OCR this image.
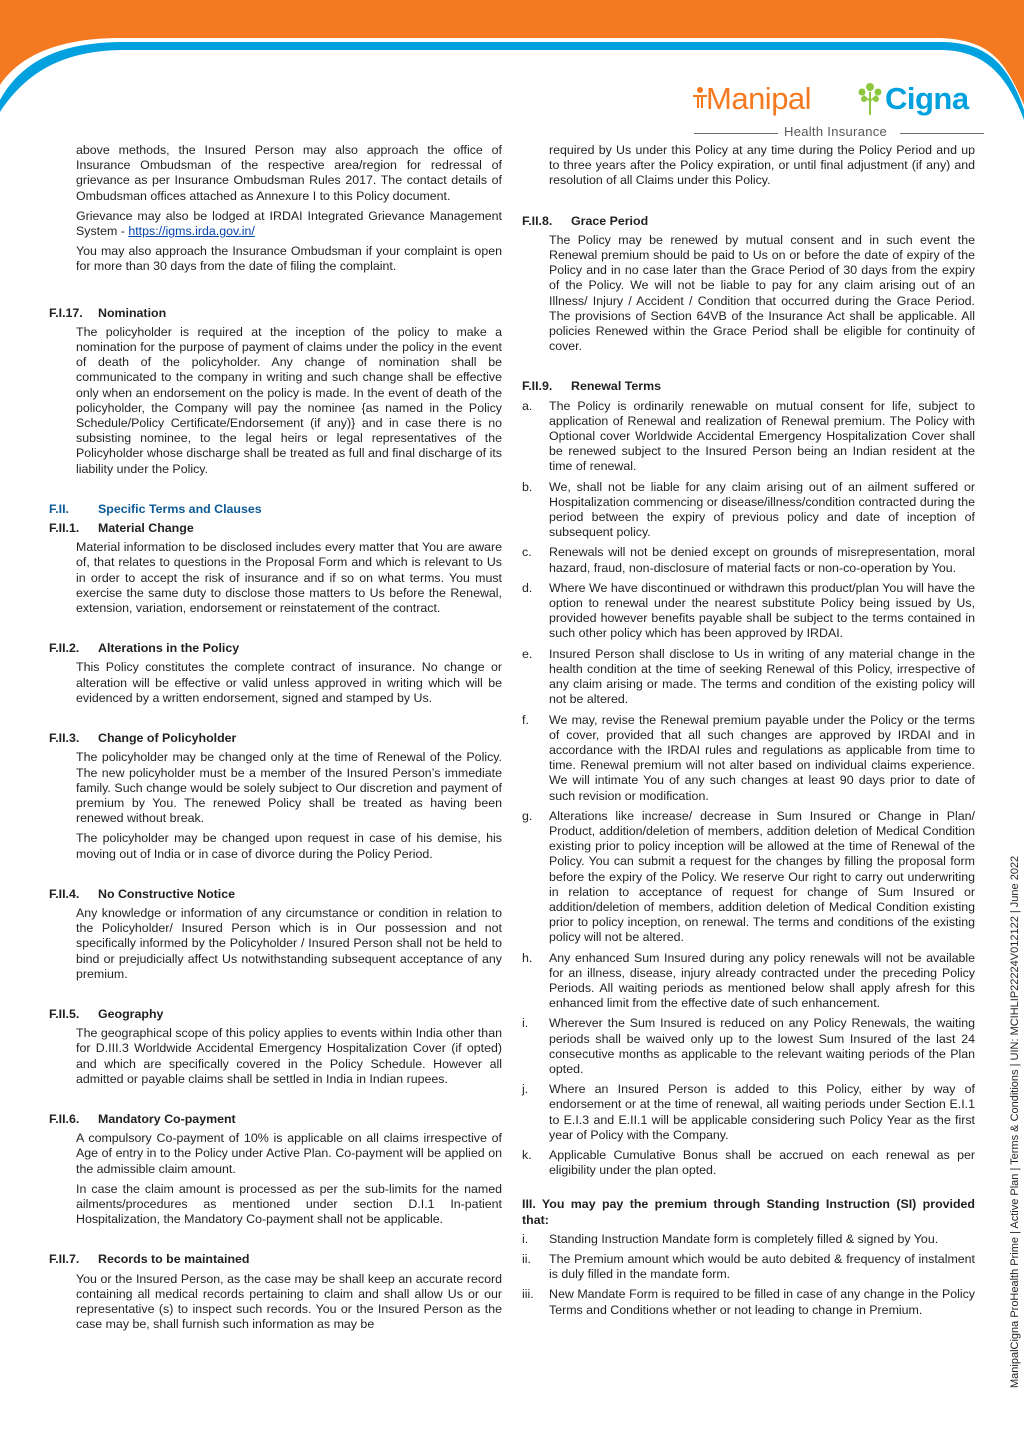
Manipal Cigna
Health Insurance

above methods, the Insured Person may also approach the office of Insurance Ombudsman of the respective area/region for redressal of grievance as per Insurance Ombudsman Rules 2017. The contact details of Ombudsman offices attached as Annexure I to this Policy document.

Grievance may also be lodged at IRDAI Integrated Grievance Management System - https://igms.irda.gov.in/

You may also approach the Insurance Ombudsman if your complaint is open for more than 30 days from the date of filing the complaint.

F.I.17. Nomination

The policyholder is required at the inception of the policy to make a nomination for the purpose of payment of claims under the policy in the event of death of the policyholder. Any change of nomination shall be communicated to the company in writing and such change shall be effective only when an endorsement on the policy is made. In the event of death of the policyholder, the Company will pay the nominee {as named in the Policy Schedule/Policy Certificate/Endorsement (if any)} and in case there is no subsisting nominee, to the legal heirs or legal representatives of the Policyholder whose discharge shall be treated as full and final discharge of its liability under the Policy.

F.II. Specific Terms and Clauses
F.II.1. Material Change

Material information to be disclosed includes every matter that You are aware of, that relates to questions in the Proposal Form and which is relevant to Us in order to accept the risk of insurance and if so on what terms. You must exercise the same duty to disclose those matters to Us before the Renewal, extension, variation, endorsement or reinstatement of the contract.

F.II.2. Alterations in the Policy

This Policy constitutes the complete contract of insurance. No change or alteration will be effective or valid unless approved in writing which will be evidenced by a written endorsement, signed and stamped by Us.

F.II.3. Change of Policyholder

The policyholder may be changed only at the time of Renewal of the Policy. The new policyholder must be a member of the Insured Person’s immediate family. Such change would be solely subject to Our discretion and payment of premium by You. The renewed Policy shall be treated as having been renewed without break.

The policyholder may be changed upon request in case of his demise, his moving out of India or in case of divorce during the Policy Period.

F.II.4. No Constructive Notice

Any knowledge or information of any circumstance or condition in relation to the Policyholder/ Insured Person which is in Our possession and not specifically informed by the Policyholder / Insured Person shall not be held to bind or prejudicially affect Us notwithstanding subsequent acceptance of any premium.

F.II.5. Geography

The geographical scope of this policy applies to events within India other than for D.III.3 Worldwide Accidental Emergency Hospitalization Cover (if opted) and which are specifically covered in the Policy Schedule. However all admitted or payable claims shall be settled in India in Indian rupees.

F.II.6. Mandatory Co-payment

A compulsory Co-payment of 10% is applicable on all claims irrespective of Age of entry in to the Policy under Active Plan. Co-payment will be applied on the admissible claim amount.

In case the claim amount is processed as per the sub-limits for the named ailments/procedures as mentioned under section D.I.1 In-patient Hospitalization, the Mandatory Co-payment shall not be applicable.

F.II.7. Records to be maintained

You or the Insured Person, as the case may be shall keep an accurate record containing all medical records pertaining to claim and shall allow Us or our representative (s) to inspect such records. You or the Insured Person as the case may be, shall furnish such information as may be

required by Us under this Policy at any time during the Policy Period and up to three years after the Policy expiration, or until final adjustment (if any) and resolution of all Claims under this Policy.

F.II.8. Grace Period

The Policy may be renewed by mutual consent and in such event the Renewal premium should be paid to Us on or before the date of expiry of the Policy and in no case later than the Grace Period of 30 days from the expiry of the Policy. We will not be liable to pay for any claim arising out of an Illness/ Injury / Accident / Condition that occurred during the Grace Period. The provisions of Section 64VB of the Insurance Act shall be applicable. All policies Renewed within the Grace Period shall be eligible for continuity of cover.

F.II.9. Renewal Terms
a.	The Policy is ordinarily renewable on mutual consent for life, subject to application of Renewal and realization of Renewal premium. The Policy with Optional cover Worldwide Accidental Emergency Hospitalization Cover shall be renewed subject to the Insured Person being an Indian resident at the time of renewal.
b.	We, shall not be liable for any claim arising out of an ailment suffered or Hospitalization commencing or disease/illness/condition contracted during the period between the expiry of previous policy and date of inception of subsequent policy.
c.	Renewals will not be denied except on grounds of misrepresentation, moral hazard, fraud, non-disclosure of material facts or non-co-operation by You.
d.	Where We have discontinued or withdrawn this product/plan You will have the option to renewal under the nearest substitute Policy being issued by Us, provided however benefits payable shall be subject to the terms contained in such other policy which has been approved by IRDAI.
e.	Insured Person shall disclose to Us in writing of any material change in the health condition at the time of seeking Renewal of this Policy, irrespective of any claim arising or made. The terms and condition of the existing policy will not be altered.
f.	We may, revise the Renewal premium payable under the Policy or the terms of cover, provided that all such changes are approved by IRDAI and in accordance with the IRDAI rules and regulations as applicable from time to time. Renewal premium will not alter based on individual claims experience. We will intimate You of any such changes at least 90 days prior to date of such revision or modification.
g.	Alterations like increase/ decrease in Sum Insured or Change in Plan/ Product, addition/deletion of members, addition deletion of Medical Condition existing prior to policy inception will be allowed at the time of Renewal of the Policy. You can submit a request for the changes by filling the proposal form before the expiry of the Policy. We reserve Our right to carry out underwriting in relation to acceptance of request for change of Sum Insured or addition/deletion of members, addition deletion of Medical Condition existing prior to policy inception, on renewal. The terms and conditions of the existing policy will not be altered.
h.	Any enhanced Sum Insured during any policy renewals will not be available for an illness, disease, injury already contracted under the preceding Policy Periods. All waiting periods as mentioned below shall apply afresh for this enhanced limit from the effective date of such enhancement.
i.	Wherever the Sum Insured is reduced on any Policy Renewals, the waiting periods shall be waived only up to the lowest Sum Insured of the last 24 consecutive months as applicable to the relevant waiting periods of the Plan opted.
j.	Where an Insured Person is added to this Policy, either by way of endorsement or at the time of renewal, all waiting periods under Section E.I.1 to E.I.3 and E.II.1 will be applicable considering such Policy Year as the first year of Policy with the Company.
k.	Applicable Cumulative Bonus shall be accrued on each renewal as per eligibility under the plan opted.
III. You may pay the premium through Standing Instruction (SI) provided that:
i.	Standing Instruction Mandate form is completely filled & signed by You.
ii.	The Premium amount which would be auto debited & frequency of instalment is duly filled in the mandate form.
iii.	New Mandate Form is required to be filled in case of any change in the Policy Terms and Conditions whether or not leading to change in Premium.	ManipalCigna ProHealth Prime | Active Plan | Terms & Conditions | UIN: MCIHLIP22224V012122 | June 2022
